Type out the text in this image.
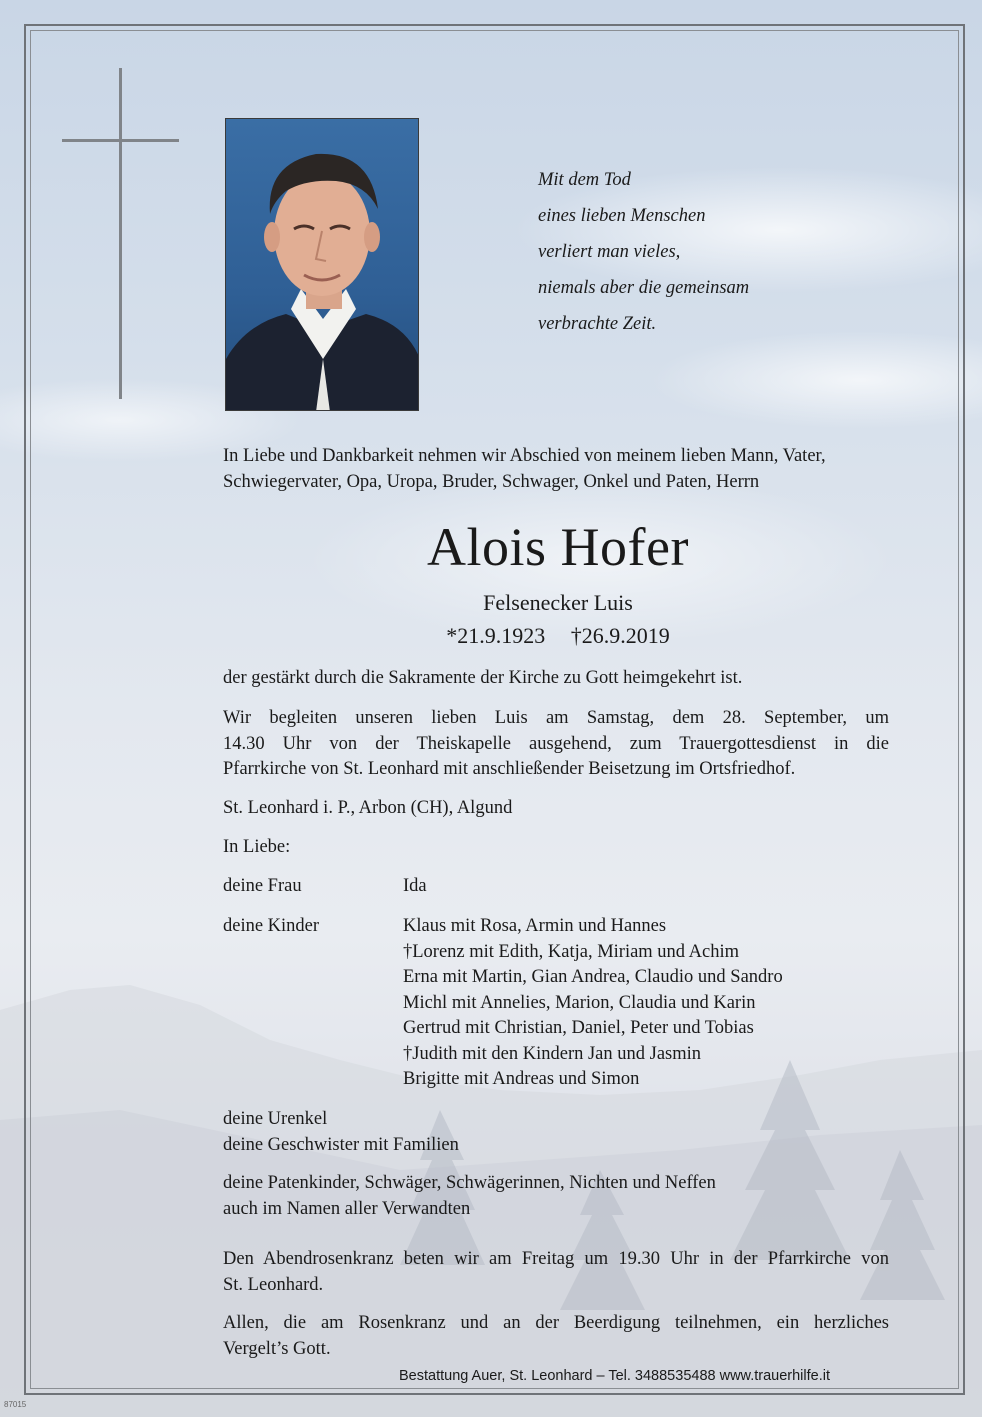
Mit dem Tod
eines lieben Menschen
verliert man vieles,
niemals aber die gemeinsam
verbrachte Zeit.
In Liebe und Dankbarkeit nehmen wir Abschied von meinem lieben Mann, Vater,
Schwiegervater, Opa, Uropa, Bruder, Schwager, Onkel und Paten, Herrn
Alois Hofer
Felsenecker Luis
*21.9.1923 †26.9.2019
der gestärkt durch die Sakramente der Kirche zu Gott heimgekehrt ist.
Wir begleiten unseren lieben Luis am Samstag, dem 28. September, um
14.30 Uhr von der Theiskapelle ausgehend, zum Trauergottesdienst in die
Pfarrkirche von St. Leonhard mit anschließender Beisetzung im Ortsfriedhof.
St. Leonhard i. P., Arbon (CH), Algund
In Liebe:
deine Frau	Ida
deine Kinder	Klaus mit Rosa, Armin und Hannes
†Lorenz mit Edith, Katja, Miriam und Achim
Erna mit Martin, Gian Andrea, Claudio und Sandro
Michl mit Annelies, Marion, Claudia und Karin
Gertrud mit Christian, Daniel, Peter und Tobias
†Judith mit den Kindern Jan und Jasmin
Brigitte mit Andreas und Simon
deine Urenkel
deine Geschwister mit Familien
deine Patenkinder, Schwäger, Schwägerinnen, Nichten und Neffen
auch im Namen aller Verwandten
Den Abendrosenkranz beten wir am Freitag um 19.30 Uhr in der Pfarrkirche von
St. Leonhard.
Allen, die am Rosenkranz und an der Beerdigung teilnehmen, ein herzliches
Vergelt’s Gott.
Bestattung Auer, St. Leonhard – Tel. 3488535488 www.trauerhilfe.it
87015
